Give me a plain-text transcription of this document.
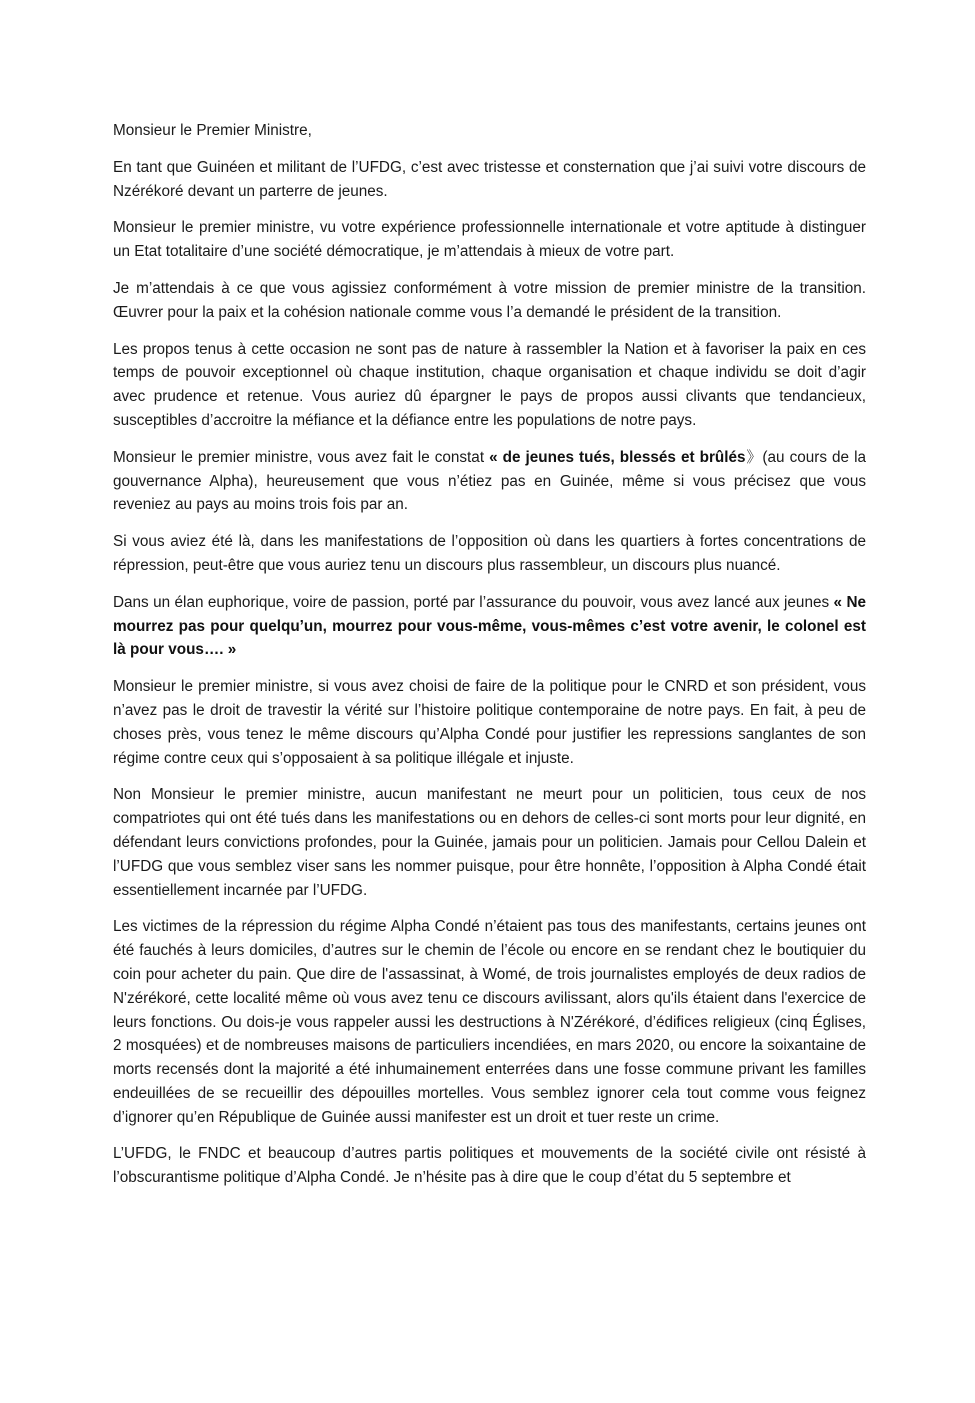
Monsieur le Premier Ministre,

En tant que Guinéen et militant de l’UFDG, c’est avec tristesse et consternation que j’ai suivi votre discours de Nzérékoré devant un parterre de jeunes.

Monsieur le premier ministre, vu votre expérience professionnelle internationale et votre aptitude à distinguer un Etat totalitaire d’une société démocratique, je m’attendais à mieux de votre part.

Je m’attendais à ce que vous agissiez conformément à votre mission de premier ministre de la transition. Œuvrer pour la paix et la cohésion nationale comme vous l’a demandé le président de la transition.

Les propos tenus à cette occasion ne sont pas de nature à rassembler la Nation et à favoriser la paix en ces temps de pouvoir exceptionnel où chaque institution, chaque organisation et chaque individu se doit d’agir avec prudence et retenue. Vous auriez dû épargner le pays de propos aussi clivants que tendancieux, susceptibles d’accroitre la méfiance et la défiance entre les populations de notre pays.

Monsieur le premier ministre, vous avez fait le constat « de jeunes tués, blessés et brûlés》(au cours de la gouvernance Alpha), heureusement que vous n’étiez pas en Guinée, même si vous précisez que vous reveniez au pays au moins trois fois par an.

Si vous aviez été là, dans les manifestations de l’opposition où dans les quartiers à fortes concentrations de répression, peut-être que vous auriez tenu un discours plus rassembleur, un discours plus nuancé.

Dans un élan euphorique, voire de passion, porté par l’assurance du pouvoir, vous avez lancé aux jeunes « Ne mourrez pas pour quelqu’un, mourrez pour vous-même, vous-mêmes c’est votre avenir, le colonel est là pour vous…. »

Monsieur le premier ministre, si vous avez choisi de faire de la politique pour le CNRD et son président, vous n’avez pas le droit de travestir la vérité sur l’histoire politique contemporaine de notre pays. En fait, à peu de choses près, vous tenez le même discours qu’Alpha Condé pour justifier les repressions sanglantes de son régime contre ceux qui s’opposaient à sa politique illégale et injuste.

Non Monsieur le premier ministre, aucun manifestant ne meurt pour un politicien, tous ceux de nos compatriotes qui ont été tués dans les manifestations ou en dehors de celles-ci sont morts pour leur dignité, en défendant leurs convictions profondes, pour la Guinée, jamais pour un politicien. Jamais pour Cellou Dalein et l’UFDG que vous semblez viser sans les nommer puisque, pour être honnête, l’opposition à Alpha Condé était essentiellement incarnée par l’UFDG.

Les victimes de la répression du régime Alpha Condé n’étaient pas tous des manifestants, certains jeunes ont été fauchés à leurs domiciles, d’autres sur le chemin de l’école ou encore en se rendant chez le boutiquier du coin pour acheter du pain. Que dire de l'assassinat, à Womé, de trois journalistes employés de deux radios de N'zérékoré, cette localité même où vous avez tenu ce discours avilissant, alors qu'ils étaient dans l'exercice de leurs fonctions. Ou dois-je vous rappeler aussi les destructions à N'Zérékoré, d’édifices religieux (cinq Églises, 2 mosquées) et de nombreuses maisons de particuliers incendiées, en mars 2020, ou encore la soixantaine de morts recensés dont la majorité a été inhumainement enterrées dans une fosse commune privant les familles endeuillées de se recueillir des dépouilles mortelles. Vous semblez ignorer cela tout comme vous feignez d’ignorer qu’en République de Guinée aussi manifester est un droit et tuer reste un crime.

L’UFDG, le FNDC et beaucoup d’autres partis politiques et mouvements de la société civile ont résisté à l’obscurantisme politique d’Alpha Condé. Je n’hésite pas à dire que le coup d’état du 5 septembre et
